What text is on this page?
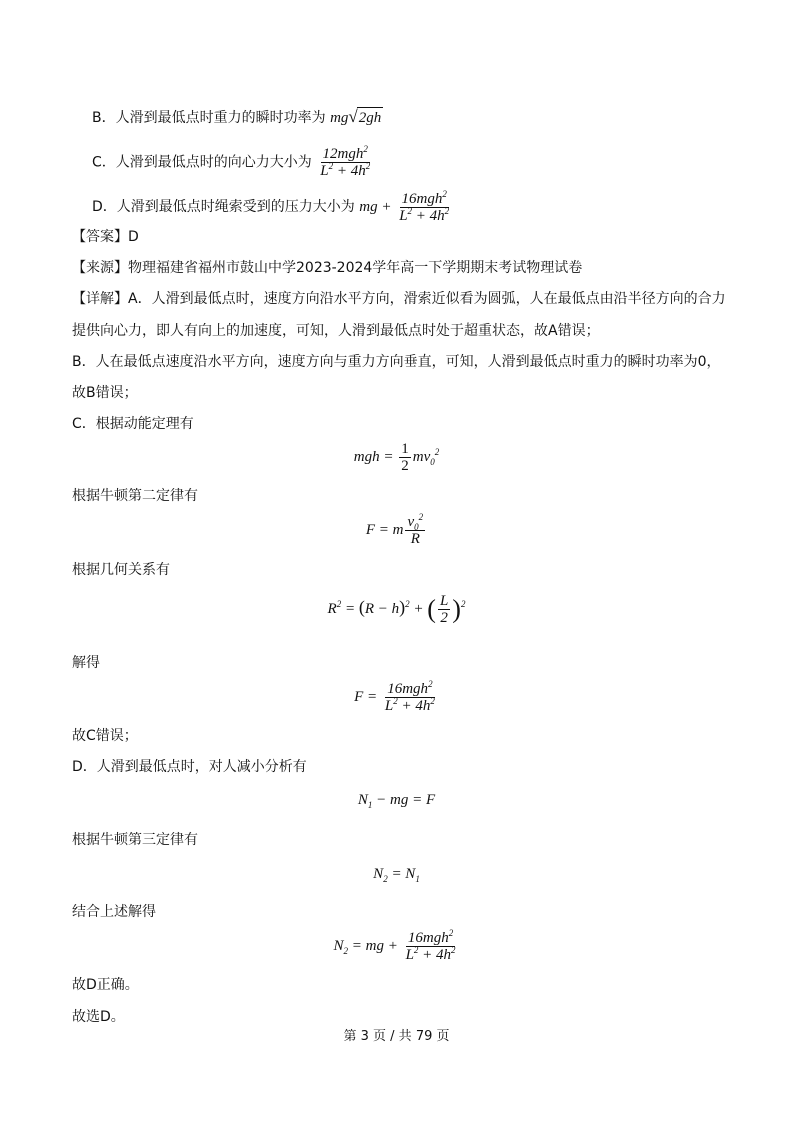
B．人滑到最低点时重力的瞬时功率为 mg√2gh
C．人滑到最低点时的向心力大小为 $\frac{12mgh^2}{L^2 + 4h^2}$
D．人滑到最低点时绳索受到的压力大小为 mg + $\frac{16mgh^2}{L^2 + 4h^2}$
【答案】D
【来源】物理福建省福州市鼓山中学2023-2024学年高一下学期期末考试物理试卷
【详解】A．人滑到最低点时，速度方向沿水平方向，滑索近似看为圆弧，人在最低点由沿半径方向的合力
提供向心力，即人有向上的加速度，可知，人滑到最低点时处于超重状态，故A错误；
B．人在最低点速度沿水平方向，速度方向与重力方向垂直，可知，人滑到最低点时重力的瞬时功率为0，
故B错误；
C．根据动能定理有
mgh = $\frac{1}{2} mv_0^2$
根据牛顿第二定律有
F = m $\frac{v_0^2}{R}$
根据几何关系有
$R^2 = (R - h)^2$ + ( $\frac{L}{2} )^2$
解得
$F = \frac{16mgh^2}{L^2 + 4h^2}$
故C错误；
D．人滑到最低点时，对人减小分析有
$N_1$ − mg = F
根据牛顿第三定律有
$N_2 = N_1$
结合上述解得
$N_2$ = mg + $\frac{16mgh^2}{L^2 + 4h^2}$
故D正确。
故选D。
第 3 页 / 共 79 页
